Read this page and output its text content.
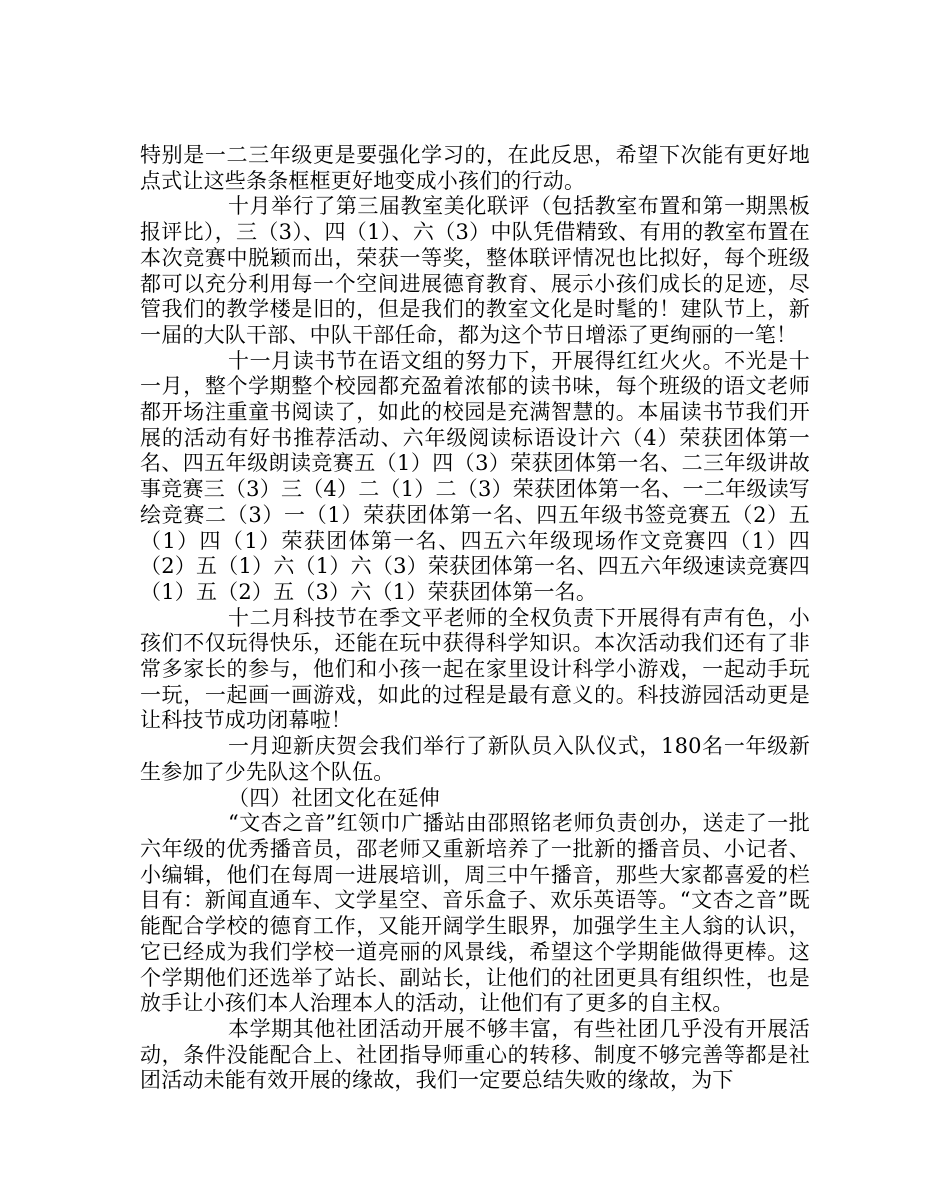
特别是一二三年级更是要强化学习的，在此反思，希望下次能有更好地点式让这些条条框框更好地变成小孩们的行动。

十月举行了第三届教室美化联评（包括教室布置和第一期黑板报评比），三（3）、四（1）、六（3）中队凭借精致、有用的教室布置在本次竞赛中脱颖而出，荣获一等奖，整体联评情况也比拟好，每个班级都可以充分利用每一个空间进展德育教育、展示小孩们成长的足迹，尽管我们的教学楼是旧的，但是我们的教室文化是时髦的！建队节上，新一届的大队干部、中队干部任命，都为这个节日增添了更绚丽的一笔！

十一月读书节在语文组的努力下，开展得红红火火。不光是十一月，整个学期整个校园都充盈着浓郁的读书味，每个班级的语文老师都开场注重童书阅读了，如此的校园是充满智慧的。本届读书节我们开展的活动有好书推荐活动、六年级阅读标语设计六（4）荣获团体第一名、四五年级朗读竞赛五（1）四（3）荣获团体第一名、二三年级讲故事竞赛三（3）三（4）二（1）二（3）荣获团体第一名、一二年级读写绘竞赛二（3）一（1）荣获团体第一名、四五年级书签竞赛五（2）五（1）四（1）荣获团体第一名、四五六年级现场作文竞赛四（1）四（2）五（1）六（1）六（3）荣获团体第一名、四五六年级速读竞赛四（1）五（2）五（3）六（1）荣获团体第一名。

十二月科技节在季文平老师的全权负责下开展得有声有色，小孩们不仅玩得快乐，还能在玩中获得科学知识。本次活动我们还有了非常多家长的参与，他们和小孩一起在家里设计科学小游戏，一起动手玩一玩，一起画一画游戏，如此的过程是最有意义的。科技游园活动更是让科技节成功闭幕啦！

一月迎新庆贺会我们举行了新队员入队仪式，180名一年级新生参加了少先队这个队伍。

（四）社团文化在延伸

“文杏之音”红领巾广播站由邵照铭老师负责创办，送走了一批六年级的优秀播音员，邵老师又重新培养了一批新的播音员、小记者、小编辑，他们在每周一进展培训，周三中午播音，那些大家都喜爱的栏目有：新闻直通车、文学星空、音乐盒子、欢乐英语等。“文杏之音”既能配合学校的德育工作，又能开阔学生眼界，加强学生主人翁的认识，它已经成为我们学校一道亮丽的风景线，希望这个学期能做得更棒。这个学期他们还选举了站长、副站长，让他们的社团更具有组织性，也是放手让小孩们本人治理本人的活动，让他们有了更多的自主权。

本学期其他社团活动开展不够丰富，有些社团几乎没有开展活动，条件没能配合上、社团指导师重心的转移、制度不够完善等都是社团活动未能有效开展的缘故，我们一定要总结失败的缘故，为下
